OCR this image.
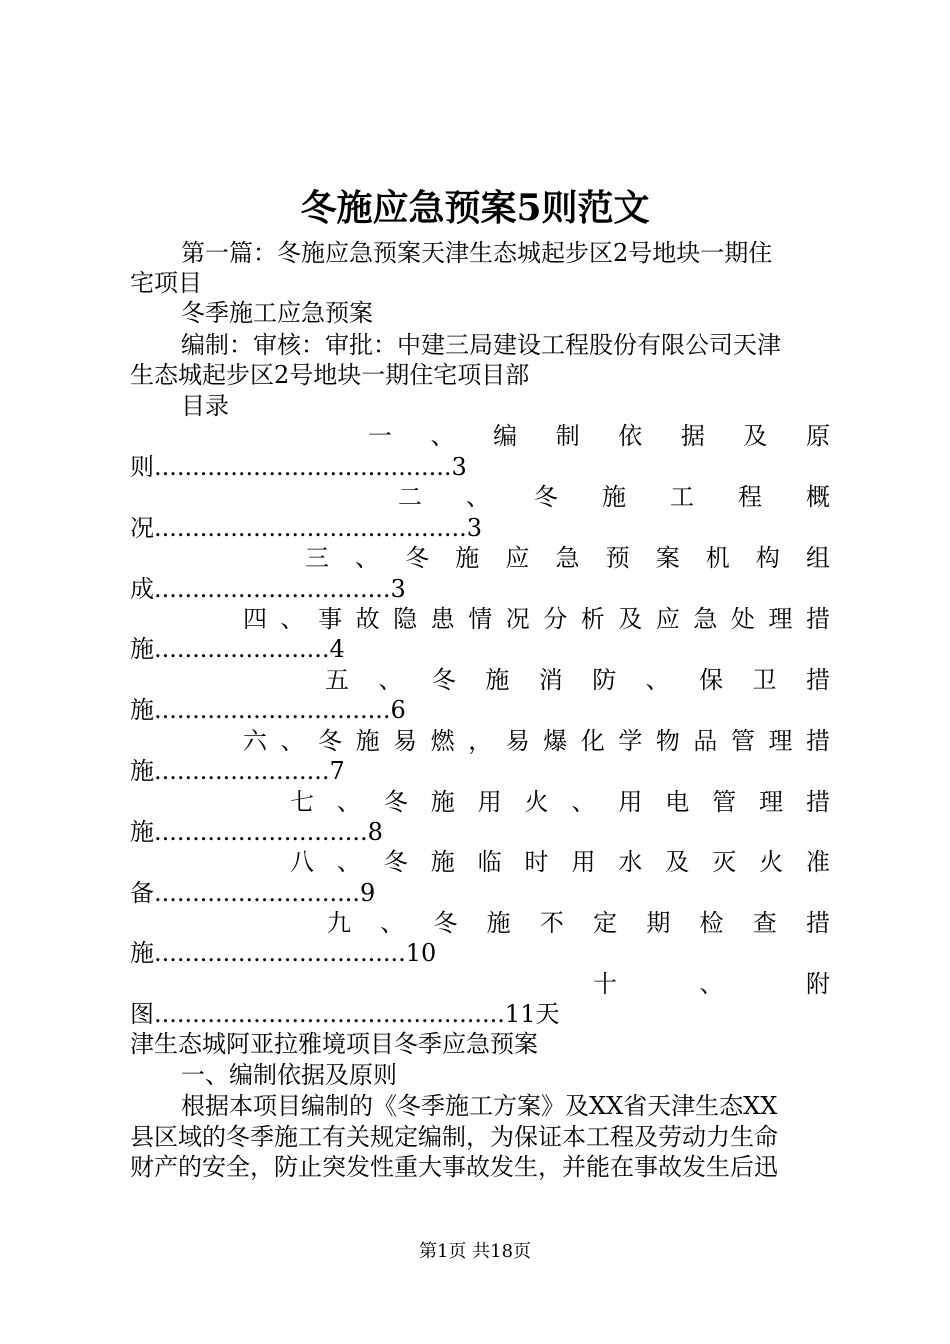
冬施应急预案5则范文
第一篇：冬施应急预案天津生态城起步区2号地块一期住
宅项目
冬季施工应急预案
编制：审核：审批：中建三局建设工程股份有限公司天津
生态城起步区2号地块一期住宅项目部
目录
一 、 编 制 依 据 及 原
则.......................................3
二 、 冬 施 工 程 概
况.........................................3
三 、 冬 施 应 急 预 案 机 构 组
成...............................3
四 、 事 故 隐 患 情 况 分 析 及 应 急 处 理 措
施.......................4
五 、 冬 施 消 防 、 保 卫 措
施...............................6
六 、 冬 施 易 燃 ， 易 爆 化 学 物 品 管 理 措
施.......................7
七 、 冬 施 用 火 、 用 电 管 理 措
施............................8
八 、 冬 施 临 时 用 水 及 灭 火 准
备...........................9
九 、 冬 施 不 定 期 检 查 措
施.................................10
十 、 附
图..............................................11天
津生态城阿亚拉雅境项目冬季应急预案
一、编制依据及原则
根据本项目编制的《冬季施工方案》及XX省天津生态XX
县区域的冬季施工有关规定编制，为保证本工程及劳动力生命
财产的安全，防止突发性重大事故发生，并能在事故发生后迅
第1页 共18页
